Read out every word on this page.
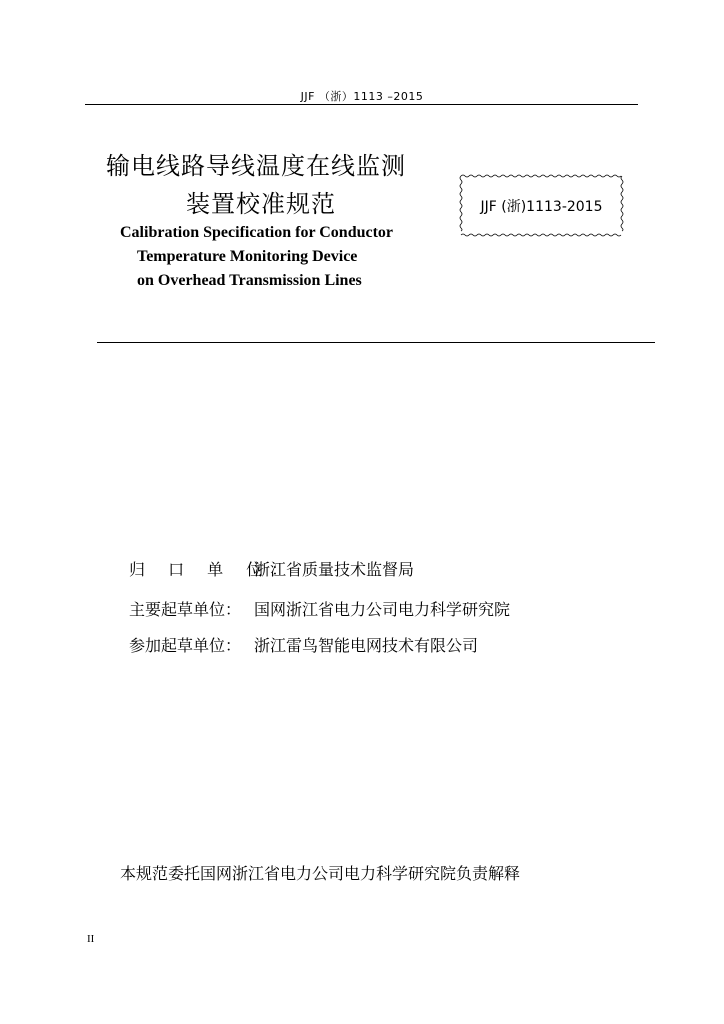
JJF （浙）1113 –2015
输电线路导线温度在线监测
装置校准规范
Calibration Specification for Conductor
Temperature Monitoring Device
on Overhead Transmission Lines
JJF (浙)1113-2015
归 口 单 位：浙江省质量技术监督局
主要起草单位： 国网浙江省电力公司电力科学研究院
参加起草单位： 浙江雷鸟智能电网技术有限公司
本规范委托国网浙江省电力公司电力科学研究院负责解释
II
